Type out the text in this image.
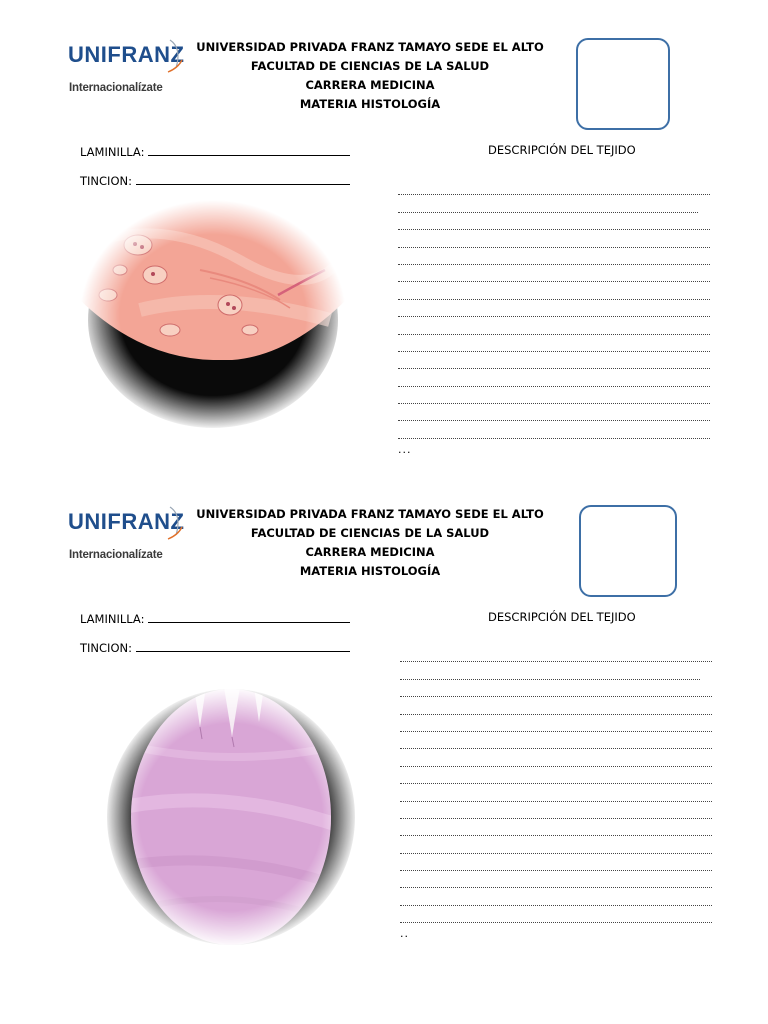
UNIFRANZ
Internacionalízate
UNIVERSIDAD PRIVADA FRANZ TAMAYO SEDE EL ALTO
FACULTAD DE CIENCIAS DE LA SALUD
CARRERA MEDICINA
MATERIA HISTOLOGÍA
LAMINILLA:
TINCION:
DESCRIPCIÓN DEL TEJIDO
...
UNIFRANZ
Internacionalízate
UNIVERSIDAD PRIVADA FRANZ TAMAYO SEDE EL ALTO
FACULTAD DE CIENCIAS DE LA SALUD
CARRERA MEDICINA
MATERIA HISTOLOGÍA
LAMINILLA:
TINCION:
DESCRIPCIÓN DEL TEJIDO
..
